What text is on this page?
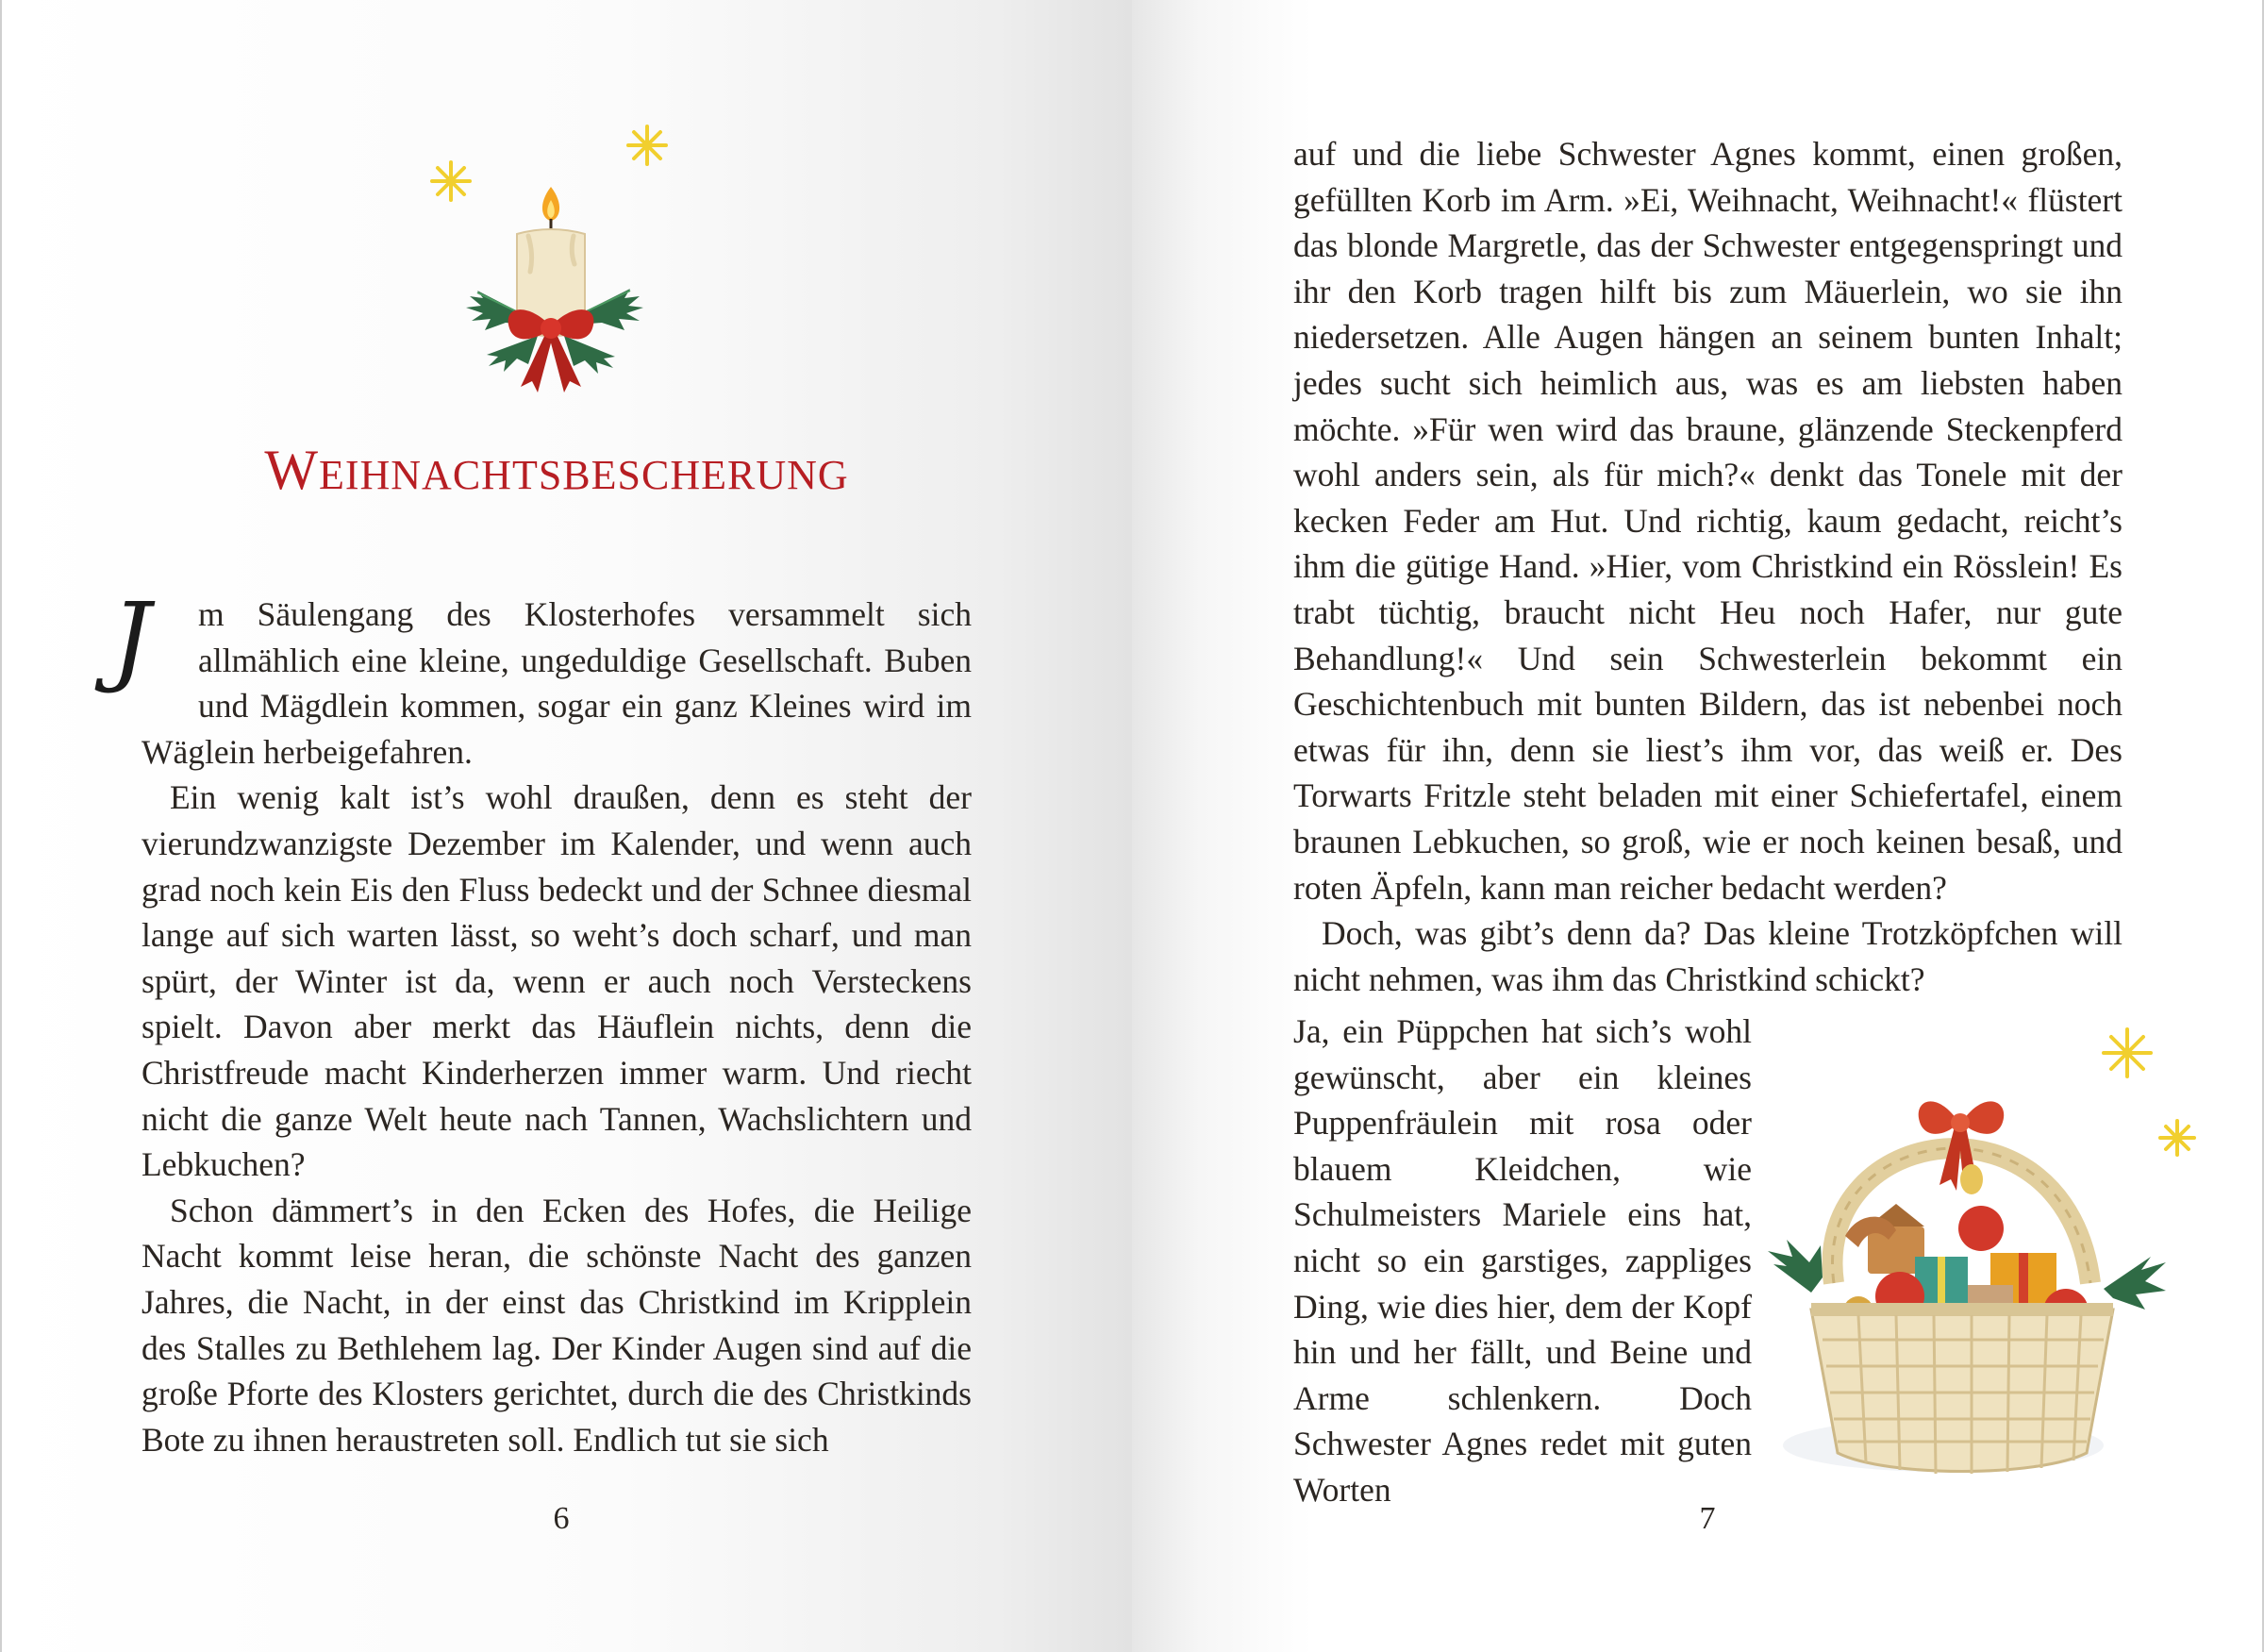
WEIHNACHTSBESCHERUNG

J	m Säulengang des Klosterhofes versammelt sich allmählich eine kleine, ungeduldige Gesellschaft. Buben und Mägdlein kommen, sogar ein ganz Kleines wird im Wäglein herbeigefahren.

Ein wenig kalt ist’s wohl draußen, denn es steht der vierundzwanzigste Dezember im Kalender, und wenn auch grad noch kein Eis den Fluss bedeckt und der Schnee diesmal lange auf sich warten lässt, so weht’s doch scharf, und man spürt, der Winter ist da, wenn er auch noch Versteckens spielt. Davon aber merkt das Häuflein nichts, denn die Christfreude macht Kinderherzen immer warm. Und riecht nicht die ganze Welt heute nach Tannen, Wachslichtern und Lebkuchen?

Schon dämmert’s in den Ecken des Hofes, die Heilige Nacht kommt leise heran, die schönste Nacht des ganzen Jahres, die Nacht, in der einst das Christkind im Kripplein des Stalles zu Bethlehem lag. Der Kinder Augen sind auf die große Pforte des Klosters gerichtet, durch die des Christkinds Bote zu ihnen heraustreten soll. Endlich tut sie sich

6

auf und die liebe Schwester Agnes kommt, einen großen, gefüllten Korb im Arm. »Ei, Weihnacht, Weihnacht!« flüstert das blonde Margretle, das der Schwester entgegenspringt und ihr den Korb tragen hilft bis zum Mäuerlein, wo sie ihn niedersetzen. Alle Augen hängen an seinem bunten Inhalt; jedes sucht sich heimlich aus, was es am liebsten haben möchte. »Für wen wird das braune, glänzende Steckenpferd wohl anders sein, als für mich?« denkt das Tonele mit der kecken Feder am Hut. Und richtig, kaum gedacht, reicht’s ihm die gütige Hand. »Hier, vom Christkind ein Rösslein! Es trabt tüchtig, braucht nicht Heu noch Hafer, nur gute Behandlung!« Und sein Schwesterlein bekommt ein Geschichtenbuch mit bunten Bildern, das ist nebenbei noch etwas für ihn, denn sie liest’s ihm vor, das weiß er. Des Torwarts Fritzle steht beladen mit einer Schiefertafel, einem braunen Lebkuchen, so groß, wie er noch keinen besaß, und roten Äpfeln, kann man reicher bedacht werden?

Doch, was gibt’s denn da? Das kleine Trotzköpfchen will nicht nehmen, was ihm das Christkind schickt?

Ja, ein Püppchen hat sich’s wohl gewünscht, aber ein kleines Puppenfräulein mit rosa oder blauem Kleidchen, wie Schulmeisters Mariele eins hat, nicht so ein garstiges, zappliges Ding, wie dies hier, dem der Kopf hin und her fällt, und Beine und Arme schlenkern. Doch Schwester Agnes redet mit guten Worten

7
